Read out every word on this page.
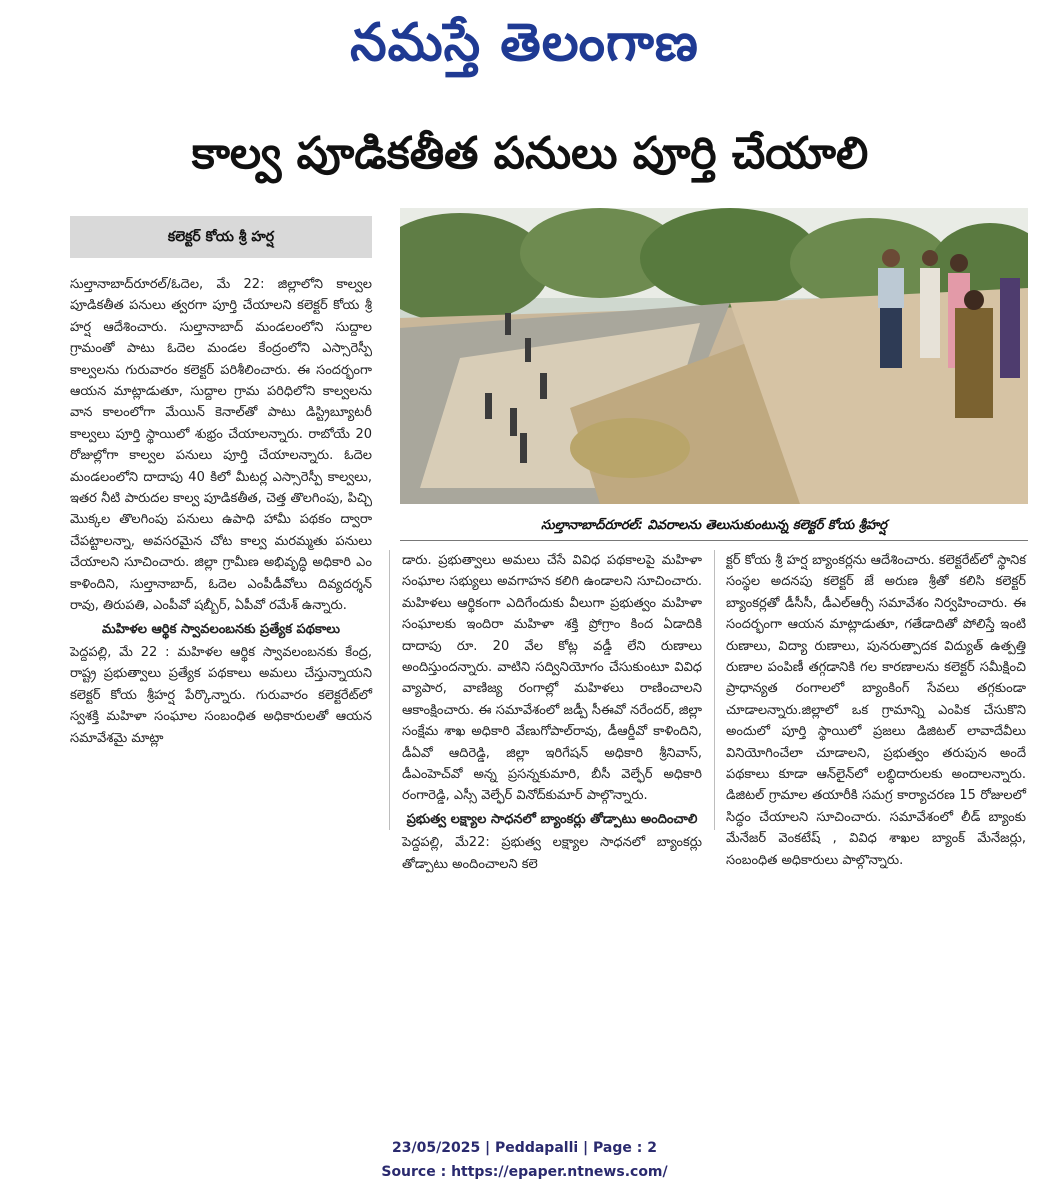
నమస్తే తెలంగాణ
కాల్వ పూడికతీత పనులు పూర్తి చేయాలి
కలెక్టర్ కోయ శ్రీ హర్ష
సుల్తానాబాద్‌రూరల్: వివరాలను తెలుసుకుంటున్న కలెక్టర్ కోయ శ్రీహర్ష

సుల్తానాబాద్‌రూరల్/ఓదెల, మే 22: జిల్లాలోని కాల్వల పూడికతీత పనులు త్వరగా పూర్తి చేయాలని కలెక్టర్ కోయ శ్రీ హర్ష ఆదేశించారు. సుల్తానాబాద్ మండలంలోని సుద్దాల గ్రామంతో పాటు ఓదెల మండల కేంద్రంలోని ఎస్సారెస్పీ కాల్వలను గురువారం కలెక్టర్ పరిశీలించారు. ఈ సందర్భంగా ఆయన మాట్లాడుతూ, సుద్దాల గ్రామ పరిధిలోని కాల్వలను వాన కాలంలోగా మేయిన్ కెనాల్‌తో పాటు డిస్ట్రిబ్యూటరీ కాల్వలు పూర్తి స్థాయిలో శుభ్రం చేయాలన్నారు. రాబోయే 20 రోజుల్లోగా కాల్వల పనులు పూర్తి చేయాలన్నారు. ఓదెల మండలంలోని దాదాపు 40 కిలో మీటర్ల ఎస్సారెస్పీ కాల్వలు, ఇతర నీటి పారుదల కాల్వ పూడికతీత, చెత్త తొలగింపు, పిచ్చి మొక్కల తొలగింపు పనులు ఉపాధి హామీ పథకం ద్వారా చేపట్టాలన్నా, అవసరమైన చోట కాల్వ మరమ్మతు పనులు చేయాలని సూచించారు. జిల్లా గ్రామీణ అభివృద్ధి అధికారి ఎం కాళిందిని, సుల్తానాబాద్, ఓదెల ఎంపీడీవోలు దివ్యదర్శన్ రావు, తిరుపతి, ఎంపీవో షబ్బీర్, ఏపీవో రమేశ్ ఉన్నారు.

మహిళల ఆర్థిక స్వావలంబనకు ప్రత్యేక పథకాలు

పెద్దపల్లి, మే 22 : మహిళల ఆర్థిక స్వావలంబనకు కేంద్ర, రాష్ట్ర ప్రభుత్వాలు ప్రత్యేక పథకాలు అమలు చేస్తున్నాయని కలెక్టర్ కోయ శ్రీహర్ష పేర్కొన్నారు. గురువారం కలెక్టరేట్‌లో స్వశక్తి మహిళా సంఘాల సంబంధిత అధికారులతో ఆయన సమావేశమై మాట్లా

డారు. ప్రభుత్వాలు అమలు చేసే వివిధ పథకాలపై మహిళా సంఘాల సభ్యులు అవగాహన కలిగి ఉండాలని సూచించారు. మహిళలు ఆర్థికంగా ఎదిగేందుకు వీలుగా ప్రభుత్వం మహిళా సంఘాలకు ఇందిరా మహిళా శక్తి ప్రోగ్రాం కింద ఏడాదికి దాదాపు రూ. 20 వేల కోట్ల వడ్డీ లేని రుణాలు అందిస్తుందన్నారు. వాటిని సద్వినియోగం చేసుకుంటూ వివిధ వ్యాపార, వాణిజ్య రంగాల్లో మహిళలు రాణించాలని ఆకాంక్షించారు. ఈ సమావేశంలో జడ్పీ సీఈవో నరేందర్, జిల్లా సంక్షేమ శాఖ అధికారి వేణుగోపాల్‌రావు, డీఆర్డీవో కాళిందిని, డీఏవో ఆదిరెడ్డి, జిల్లా ఇరిగేషన్ అధికారి శ్రీనివాస్, డీఎంహెచ్‌వో అన్న ప్రసన్నకుమారి, బీసీ వెల్ఫేర్ అధికారి రంగారెడ్డి, ఎస్సీ వెల్ఫేర్ వినోద్‌కుమార్ పాల్గొన్నారు.

ప్రభుత్వ లక్ష్యాల సాధనలో బ్యాంకర్లు తోడ్పాటు అందించాలి

పెద్దపల్లి, మే22: ప్రభుత్వ లక్ష్యాల సాధనలో బ్యాంకర్లు తోడ్పాటు అందించాలని కలె

క్టర్ కోయ శ్రీ హర్ష బ్యాంకర్లను ఆదేశించారు. కలెక్టరేట్‌లో స్థానిక సంస్థల అదనపు కలెక్టర్ జే అరుణ శ్రీతో కలిసి కలెక్టర్ బ్యాంకర్లతో డీసీసీ, డీఎల్ఆర్సీ సమావేశం నిర్వహించారు. ఈ సందర్భంగా ఆయన మాట్లాడుతూ, గతేడాదితో పోలిస్తే ఇంటి రుణాలు, విద్యా రుణాలు, పునరుత్పాదక విద్యుత్ ఉత్పత్తి రుణాల పంపిణీ తగ్గడానికి గల కారణాలను కలెక్టర్ సమీక్షించి ప్రాధాన్యత రంగాలలో బ్యాంకింగ్ సేవలు తగ్గకుండా చూడాలన్నారు.జిల్లాలో ఒక గ్రామాన్ని ఎంపిక చేసుకొని అందులో పూర్తి స్థాయిలో ప్రజలు డిజిటల్ లావాదేవీలు వినియోగించేలా చూడాలని, ప్రభుత్వం తరుపున అందే పథకాలు కూడా ఆన్‌లైన్‌లో లబ్ధిదారులకు అందాలన్నారు. డిజిటల్ గ్రామాల తయారీకి సమగ్ర కార్యాచరణ 15 రోజులలో సిద్ధం చేయాలని సూచించారు. సమావేశంలో లీడ్ బ్యాంకు మేనేజర్ వెంకటేష్ , వివిధ శాఖల బ్యాంక్ మేనేజర్లు, సంబంధిత అధికారులు పాల్గొన్నారు.

23/05/2025 | Peddapalli | Page : 2
Source : https://epaper.ntnews.com/
